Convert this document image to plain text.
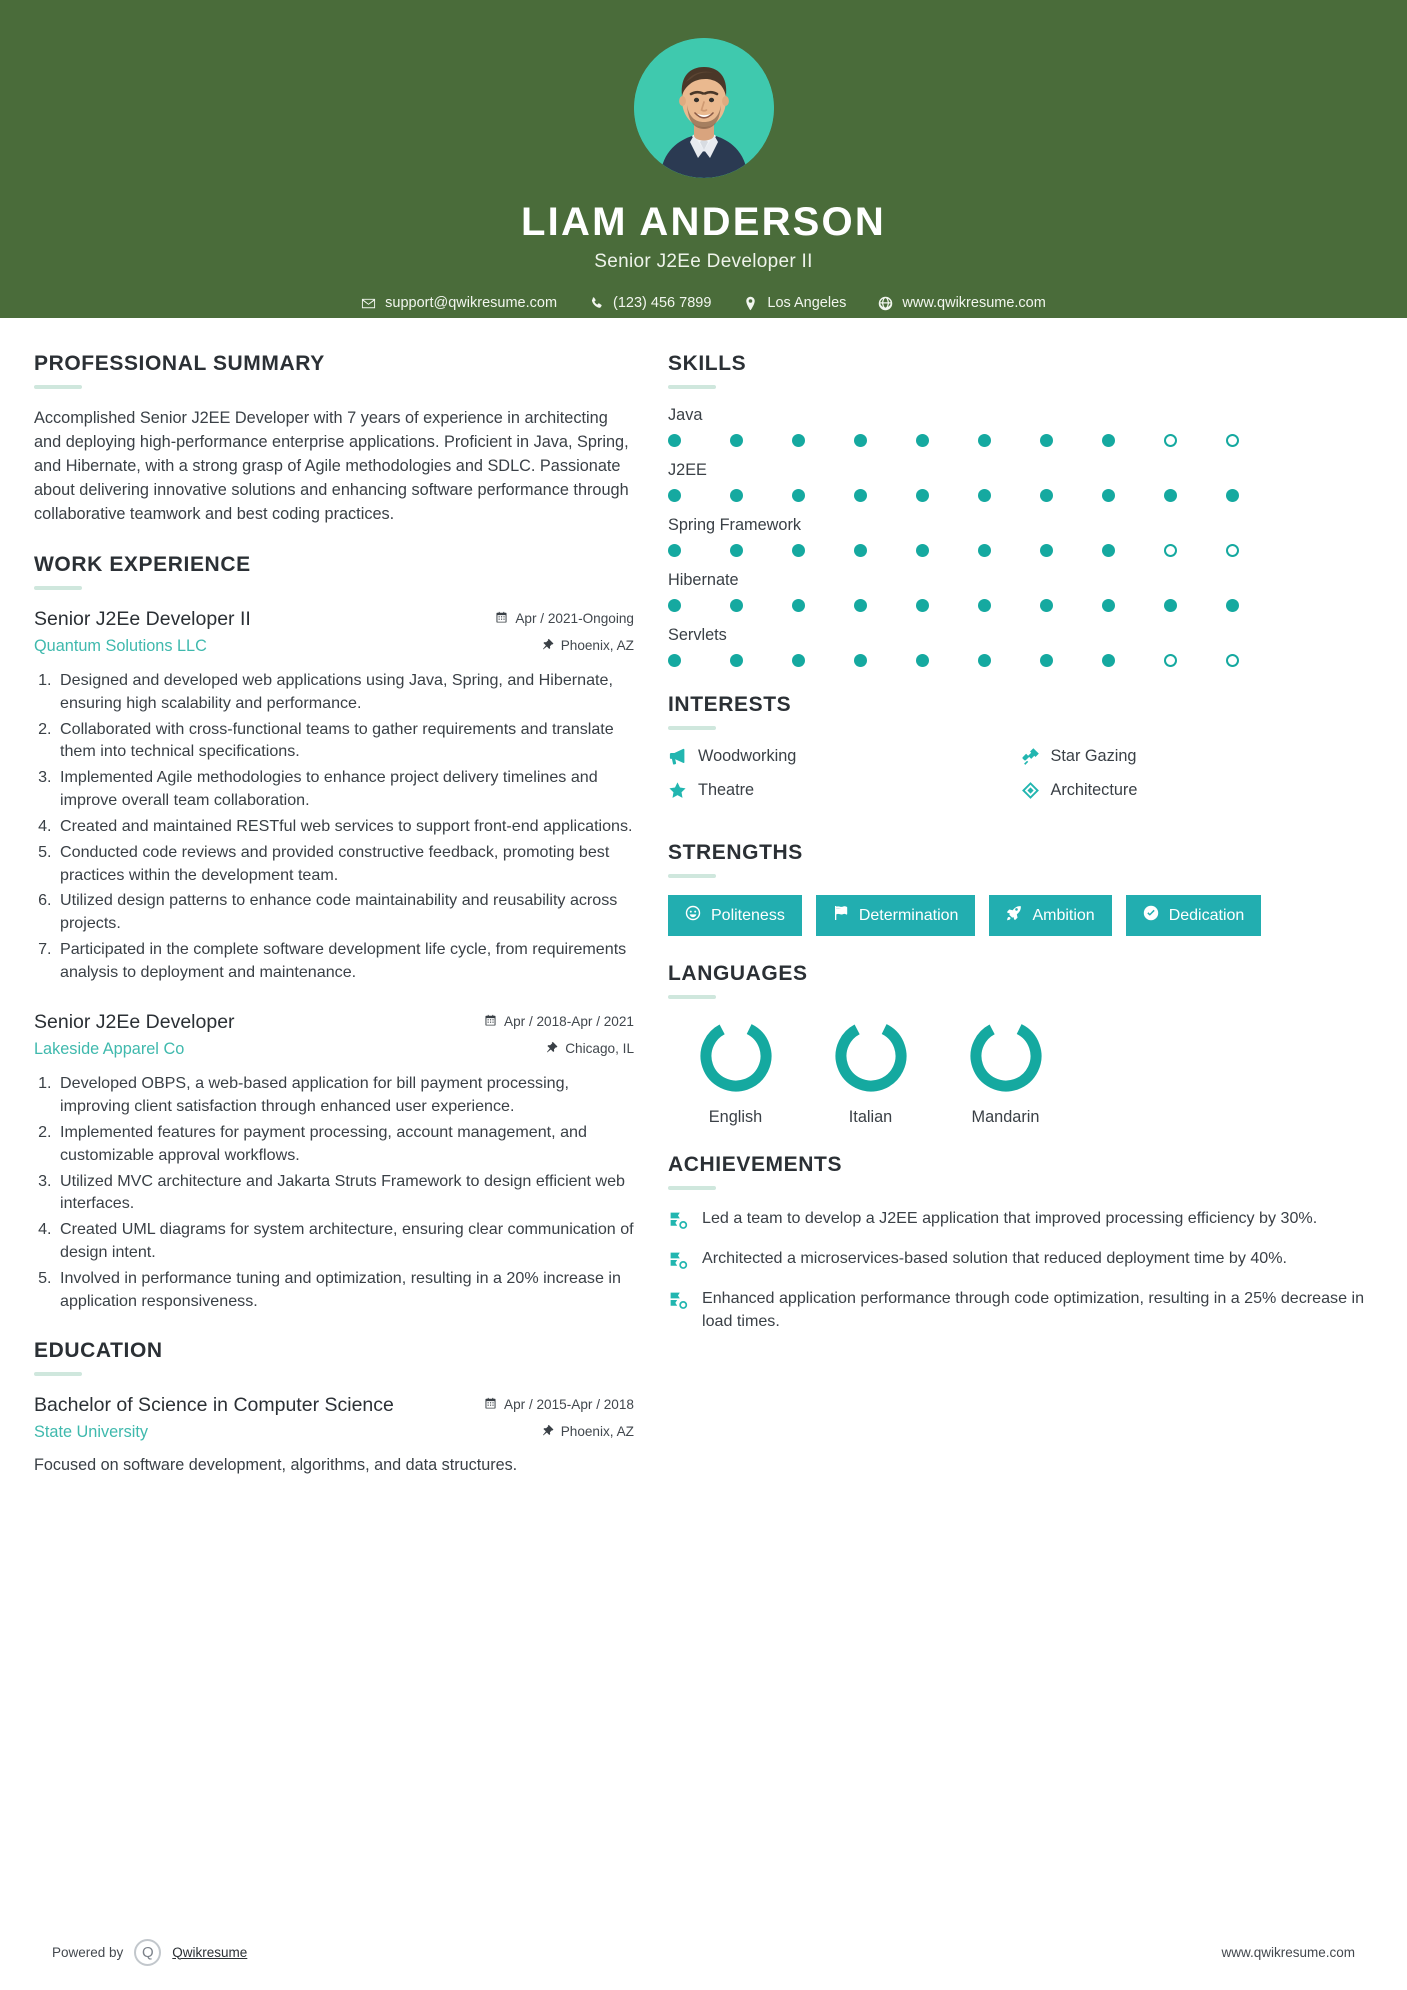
LIAM ANDERSON
Senior J2Ee Developer II
support@qwikresume.com	(123) 456 7899	Los Angeles	www.qwikresume.com
PROFESSIONAL SUMMARY
Accomplished Senior J2EE Developer with 7 years of experience in architecting and deploying high-performance enterprise applications. Proficient in Java, Spring, and Hibernate, with a strong grasp of Agile methodologies and SDLC. Passionate about delivering innovative solutions and enhancing software performance through collaborative teamwork and best coding practices.
WORK EXPERIENCE
Senior J2Ee Developer II
Quantum Solutions LLC
Apr / 2021-Ongoing
Phoenix, AZ
1. Designed and developed web applications using Java, Spring, and Hibernate, ensuring high scalability and performance.
2. Collaborated with cross-functional teams to gather requirements and translate them into technical specifications.
3. Implemented Agile methodologies to enhance project delivery timelines and improve overall team collaboration.
4. Created and maintained RESTful web services to support front-end applications.
5. Conducted code reviews and provided constructive feedback, promoting best practices within the development team.
6. Utilized design patterns to enhance code maintainability and reusability across projects.
7. Participated in the complete software development life cycle, from requirements analysis to deployment and maintenance.
Senior J2Ee Developer
Lakeside Apparel Co
Apr / 2018-Apr / 2021
Chicago, IL
1. Developed OBPS, a web-based application for bill payment processing, improving client satisfaction through enhanced user experience.
2. Implemented features for payment processing, account management, and customizable approval workflows.
3. Utilized MVC architecture and Jakarta Struts Framework to design efficient web interfaces.
4. Created UML diagrams for system architecture, ensuring clear communication of design intent.
5. Involved in performance tuning and optimization, resulting in a 20% increase in application responsiveness.
EDUCATION
Bachelor of Science in Computer Science
State University
Apr / 2015-Apr / 2018
Phoenix, AZ
Focused on software development, algorithms, and data structures.
SKILLS
Java
J2EE
Spring Framework
Hibernate
Servlets
INTERESTS
Woodworking	Star Gazing
Theatre	Architecture
STRENGTHS
Politeness	Determination	Ambition	Dedication
LANGUAGES
English	Italian	Mandarin
ACHIEVEMENTS
Led a team to develop a J2EE application that improved processing efficiency by 30%.
Architected a microservices-based solution that reduced deployment time by 40%.
Enhanced application performance through code optimization, resulting in a 25% decrease in load times.
Powered by	Q	Qwikresume	www.qwikresume.com
